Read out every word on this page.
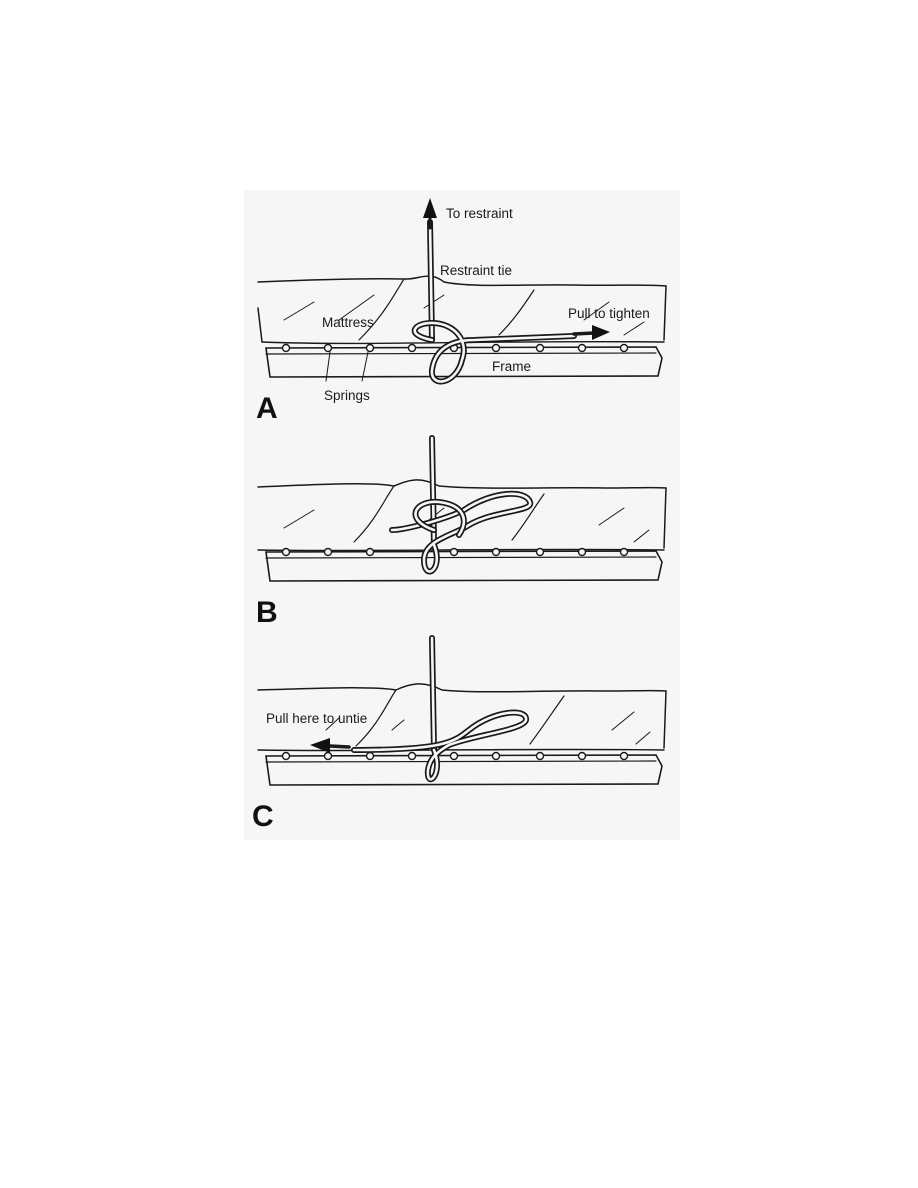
To restraint
Restraint tie
Mattress
Pull to tighten
Frame
Springs
A
B
Pull here to untie
C
